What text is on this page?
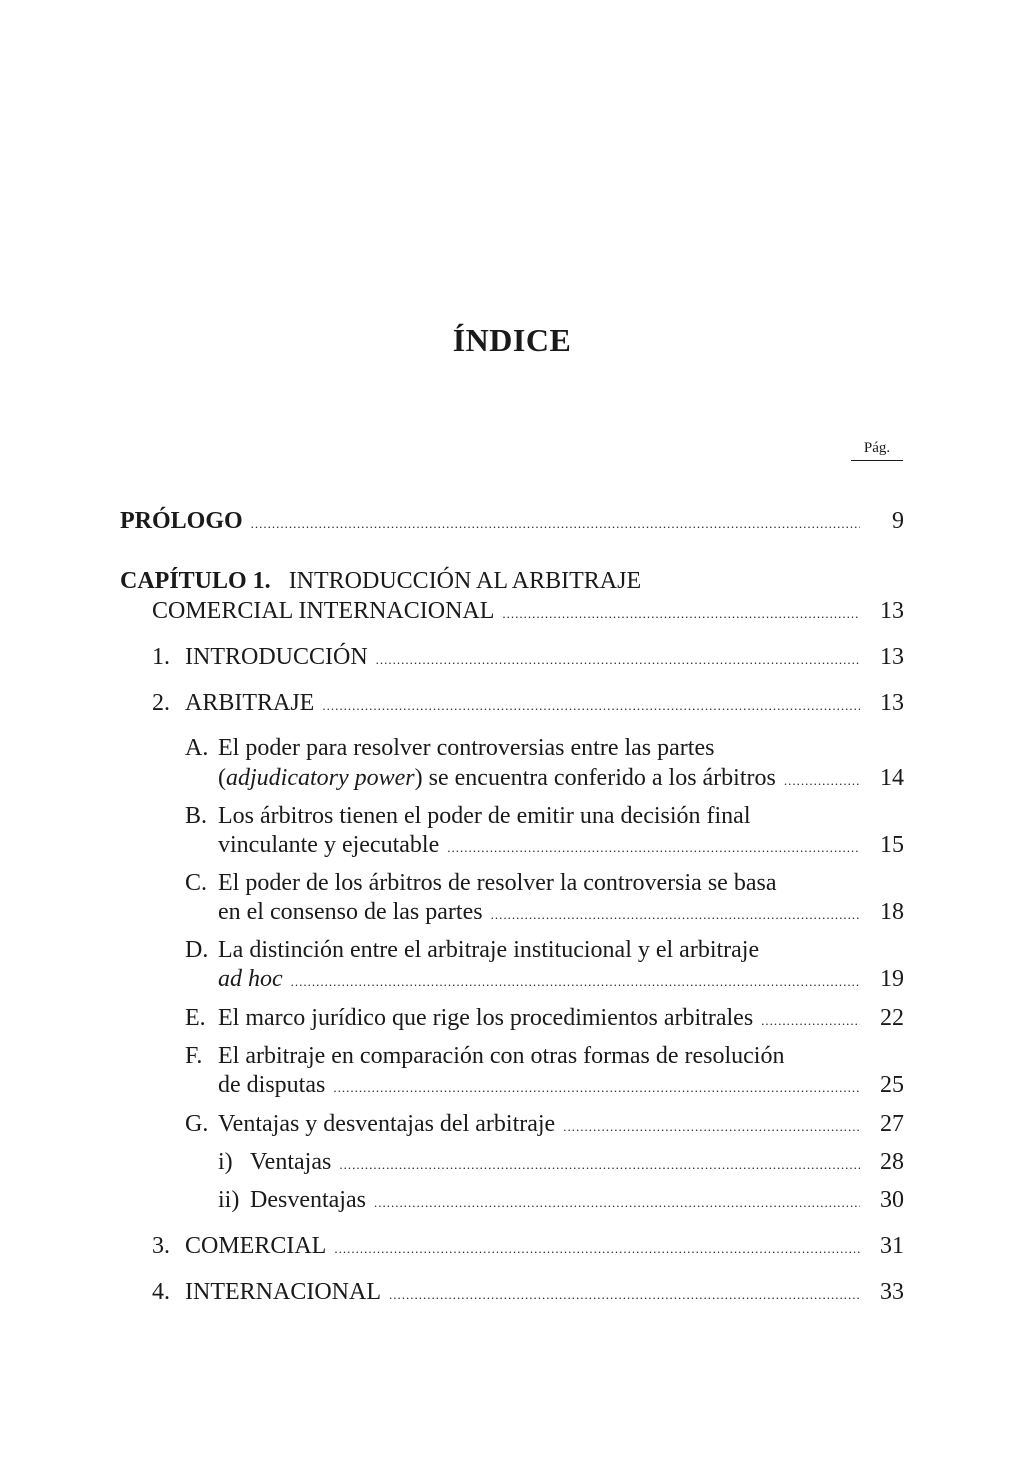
ÍNDICE
Pág.
PRÓLOGO .....	9
CAPÍTULO 1. INTRODUCCIÓN AL ARBITRAJE
COMERCIAL INTERNACIONAL .....	13
1. INTRODUCCIÓN .....	13
2. ARBITRAJE .....	13
A. El poder para resolver controversias entre las partes
(adjudicatory power) se encuentra conferido a los árbitros .....	14
B. Los árbitros tienen el poder de emitir una decisión final
vinculante y ejecutable .....	15
C. El poder de los árbitros de resolver la controversia se basa
en el consenso de las partes .....	18
D. La distinción entre el arbitraje institucional y el arbitraje
ad hoc .....	19
E. El marco jurídico que rige los procedimientos arbitrales .....	22
F. El arbitraje en comparación con otras formas de resolución
de disputas .....	25
G. Ventajas y desventajas del arbitraje .....	27
i) Ventajas .....	28
ii) Desventajas .....	30
3. COMERCIAL .....	31
4. INTERNACIONAL .....	33
